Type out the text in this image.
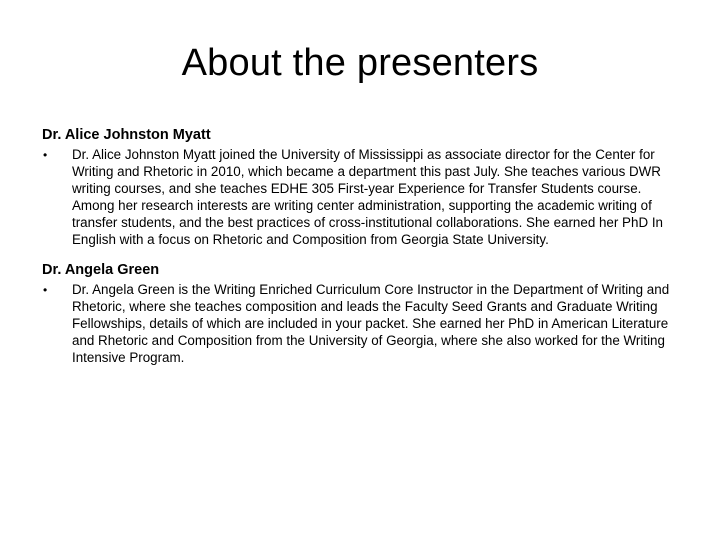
About the presenters
Dr. Alice Johnston Myatt
•	Dr. Alice Johnston Myatt joined the University of Mississippi as associate director for the Center for Writing and Rhetoric in 2010, which became a department this past July. She teaches various DWR writing courses, and she teaches EDHE 305 First-year Experience for Transfer Students course. Among her research interests are writing center administration, supporting the academic writing of transfer students, and the best practices of cross-institutional collaborations. She earned her PhD In English with a focus on Rhetoric and Composition from Georgia State University.
Dr. Angela Green
•	Dr. Angela Green is the Writing Enriched Curriculum Core Instructor in the Department of Writing and Rhetoric, where she teaches composition and leads the Faculty Seed Grants and Graduate Writing Fellowships, details of which are included in your packet. She earned her PhD in American Literature and Rhetoric and Composition from the University of Georgia, where she also worked for the Writing Intensive Program.
